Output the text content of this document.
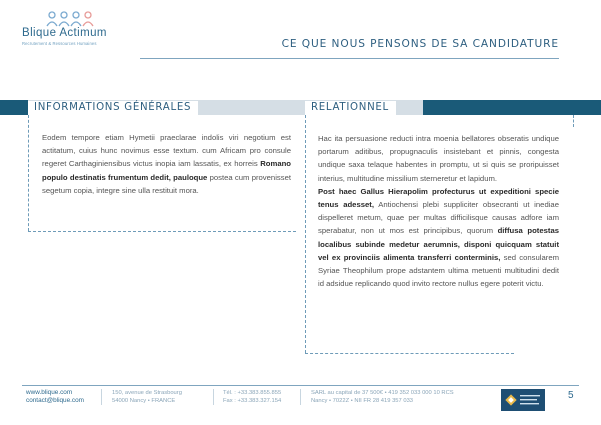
Blique Actimum
Recrutement & Ressources Humaines	CE QUE NOUS PENSONS DE SA CANDIDATURE
INFORMATIONS GÉNÉRALES	RELATIONNEL
Eodem tempore etiam Hymetii praeclarae indolis viri negotium est actitatum, cuius hunc novimus esse textum. cum Africam pro consule regeret Carthaginiensibus victus inopia iam lassatis, ex horreis Romano populo destinatis frumentum dedit, pauloque postea cum provenisset segetum copia, integre sine ulla restituit mora.

Hac ita persuasione reducti intra moenia bellatores obseratis undique portarum aditibus, propugnaculis insistebant et pinnis, congesta undique saxa telaque habentes in promptu, ut si quis se proripuisset interius, multitudine missilium sterneretur et lapidum.

Post haec Gallus Hierapolim profecturus ut expeditioni specie tenus adesset, Antiochensi plebi suppliciter obsecranti ut inediae dispelleret metum, quae per multas difficilisque causas adfore iam sperabatur, non ut mos est principibus, quorum diffusa potestas localibus subinde medetur aerumnis, disponi quicquam statuit vel ex provinciis alimenta transferri conterminis, sed consularem Syriae Theophilum prope adstantem ultima metuenti multitudini dedit id adsidue replicando quod invito rectore nullus egere poterit victu.

www.blique.com
contact@blique.com
150, avenue de Strasbourg
54000 Nancy • FRANCE
Tél. : +33.383.855.855
Fax : +33.383.327.154
SARL au capital de 37 500€ • 419 352 033 000 10 RCS
Nancy • 7022Z • NII FR 28 419 357 033
5
